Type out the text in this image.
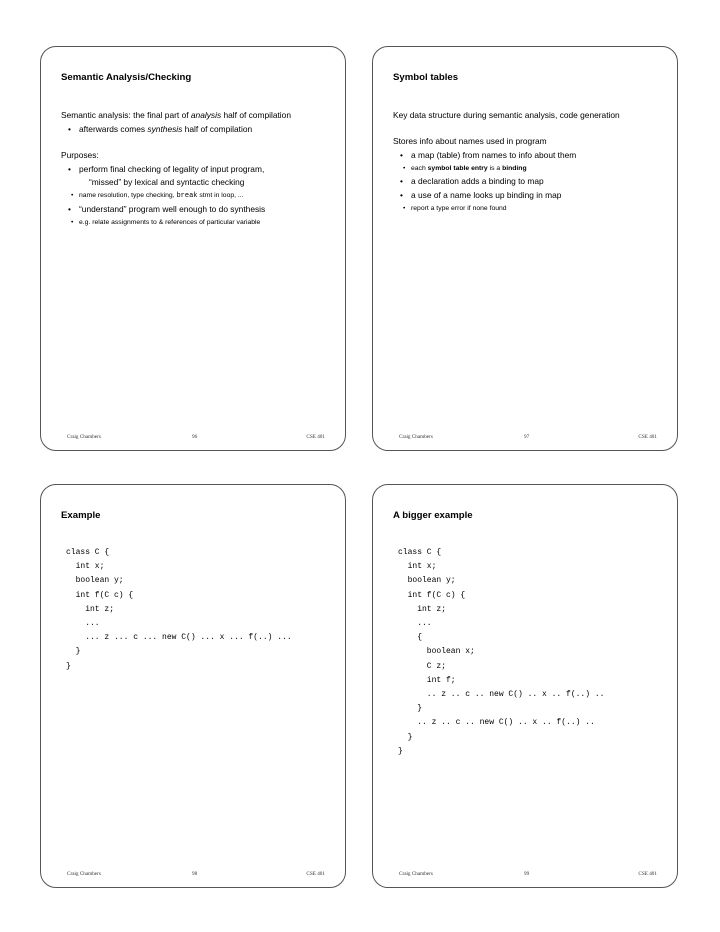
Semantic Analysis/Checking
Semantic analysis: the final part of analysis half of compilation
• afterwards comes synthesis half of compilation
Purposes:
• perform final checking of legality of input program,
“missed” by lexical and syntactic checking
• name resolution, type checking, break stmt in loop, ...
• “understand” program well enough to do synthesis
• e.g. relate assignments to & references of particular variable
Craig Chambers	96	CSE 401
Symbol tables
Key data structure during semantic analysis, code generation
Stores info about names used in program
• a map (table) from names to info about them
• each symbol table entry is a binding
• a declaration adds a binding to map
• a use of a name looks up binding in map
• report a type error if none found
Craig Chambers	97	CSE 401
Example
class C {
int x;
boolean y;
int f(C c) {
int z;
...
... z ... c ... new C() ... x ... f(..) ...
}
}
Craig Chambers	98	CSE 401
A bigger example
class C {
int x;
boolean y;
int f(C c) {
int z;
...
{
boolean x;
C z;
int f;
.. z .. c .. new C() .. x .. f(..) ..
}
.. z .. c .. new C() .. x .. f(..) ..
}
}
Craig Chambers	99	CSE 401
